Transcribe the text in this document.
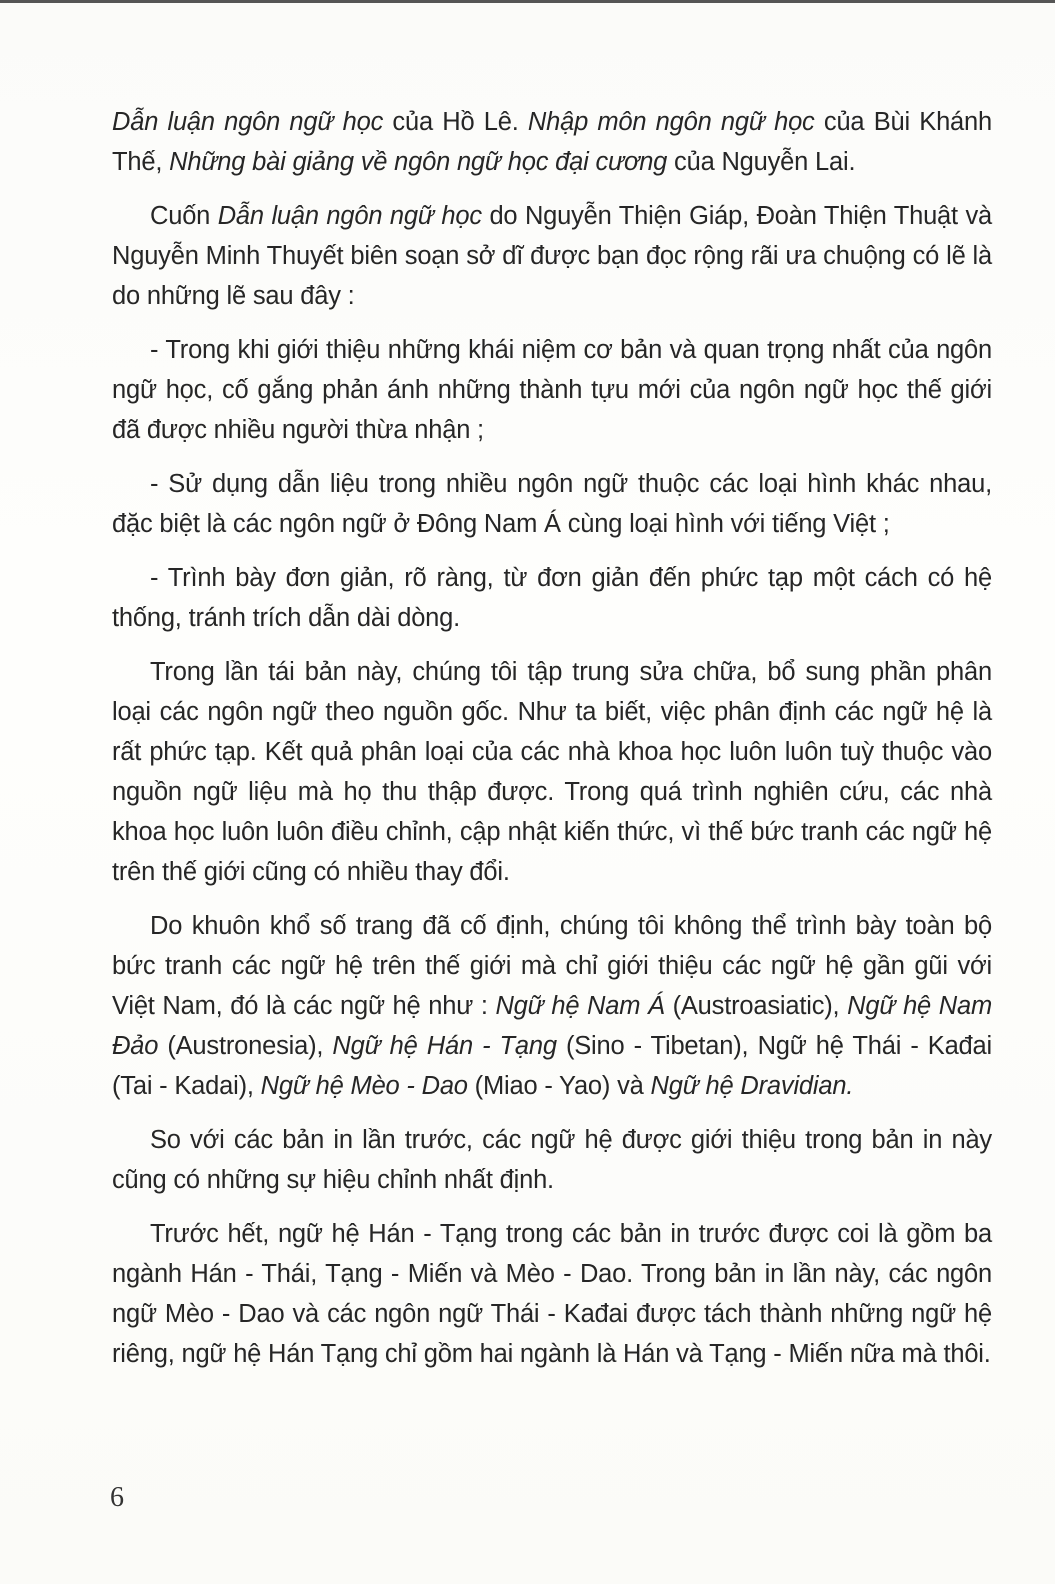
Dẫn luận ngôn ngữ học của Hồ Lê. Nhập môn ngôn ngữ học của Bùi Khánh Thế, Những bài giảng về ngôn ngữ học đại cương của Nguyễn Lai.

Cuốn Dẫn luận ngôn ngữ học do Nguyễn Thiện Giáp, Đoàn Thiện Thuật và Nguyễn Minh Thuyết biên soạn sở dĩ được bạn đọc rộng rãi ưa chuộng có lẽ là do những lẽ sau đây :

- Trong khi giới thiệu những khái niệm cơ bản và quan trọng nhất của ngôn ngữ học, cố gắng phản ánh những thành tựu mới của ngôn ngữ học thế giới đã được nhiều người thừa nhận ;

- Sử dụng dẫn liệu trong nhiều ngôn ngữ thuộc các loại hình khác nhau, đặc biệt là các ngôn ngữ ở Đông Nam Á cùng loại hình với tiếng Việt ;

- Trình bày đơn giản, rõ ràng, từ đơn giản đến phức tạp một cách có hệ thống, tránh trích dẫn dài dòng.

Trong lần tái bản này, chúng tôi tập trung sửa chữa, bổ sung phần phân loại các ngôn ngữ theo nguồn gốc. Như ta biết, việc phân định các ngữ hệ là rất phức tạp. Kết quả phân loại của các nhà khoa học luôn luôn tuỳ thuộc vào nguồn ngữ liệu mà họ thu thập được. Trong quá trình nghiên cứu, các nhà khoa học luôn luôn điều chỉnh, cập nhật kiến thức, vì thế bức tranh các ngữ hệ trên thế giới cũng có nhiều thay đổi.

Do khuôn khổ số trang đã cố định, chúng tôi không thể trình bày toàn bộ bức tranh các ngữ hệ trên thế giới mà chỉ giới thiệu các ngữ hệ gần gũi với Việt Nam, đó là các ngữ hệ như : Ngữ hệ Nam Á (Austroasiatic), Ngữ hệ Nam Đảo (Austronesia), Ngữ hệ Hán - Tạng (Sino - Tibetan), Ngữ hệ Thái - Kađai (Tai - Kadai), Ngữ hệ Mèo - Dao (Miao - Yao) và Ngữ hệ Dravidian.

So với các bản in lần trước, các ngữ hệ được giới thiệu trong bản in này cũng có những sự hiệu chỉnh nhất định.

Trước hết, ngữ hệ Hán - Tạng trong các bản in trước được coi là gồm ba ngành Hán - Thái, Tạng - Miến và Mèo - Dao. Trong bản in lần này, các ngôn ngữ Mèo - Dao và các ngôn ngữ Thái - Kađai được tách thành những ngữ hệ riêng, ngữ hệ Hán Tạng chỉ gồm hai ngành là Hán và Tạng - Miến nữa mà thôi.

6
